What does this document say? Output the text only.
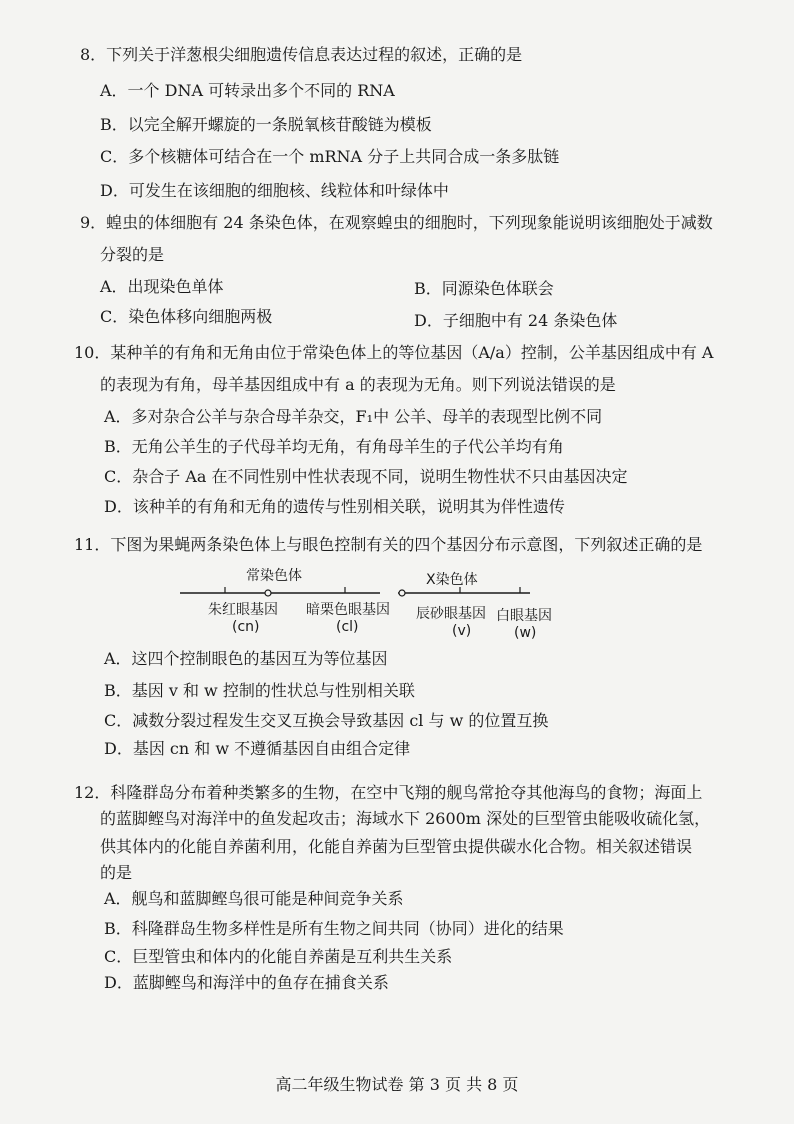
8．下列关于洋葱根尖细胞遗传信息表达过程的叙述，正确的是
A．一个 DNA 可转录出多个不同的 RNA
B．以完全解开螺旋的一条脱氧核苷酸链为模板
C．多个核糖体可结合在一个 mRNA 分子上共同合成一条多肽链
D．可发生在该细胞的细胞核、线粒体和叶绿体中
9．蝗虫的体细胞有 24 条染色体，在观察蝗虫的细胞时，下列现象能说明该细胞处于减数
分裂的是
A．出现染色单体	B．同源染色体联会
C．染色体移向细胞两极	D．子细胞中有 24 条染色体
10．某种羊的有角和无角由位于常染色体上的等位基因（A/a）控制，公羊基因组成中有 A
的表现为有角，母羊基因组成中有 a 的表现为无角。则下列说法错误的是
A．多对杂合公羊与杂合母羊杂交，F₁中 公羊、母羊的表现型比例不同
B．无角公羊生的子代母羊均无角，有角母羊生的子代公羊均有角
C．杂合子 Aa 在不同性别中性状表现不同，说明生物性状不只由基因决定
D．该种羊的有角和无角的遗传与性别相关联，说明其为伴性遗传
11．下图为果蝇两条染色体上与眼色控制有关的四个基因分布示意图，下列叙述正确的是
常染色体	X染色体
朱红眼基因
(cn)
暗栗色眼基因
(cl)
辰砂眼基因
(v)
白眼基因
(w)
A．这四个控制眼色的基因互为等位基因
B．基因 v 和 w 控制的性状总与性别相关联
C．减数分裂过程发生交叉互换会导致基因 cl 与 w 的位置互换
D．基因 cn 和 w 不遵循基因自由组合定律
12．科隆群岛分布着种类繁多的生物，在空中飞翔的舰鸟常抢夺其他海鸟的食物；海面上
的蓝脚鲣鸟对海洋中的鱼发起攻击；海域水下 2600m 深处的巨型管虫能吸收硫化氢，
供其体内的化能自养菌利用，化能自养菌为巨型管虫提供碳水化合物。相关叙述错误
的是
A．舰鸟和蓝脚鲣鸟很可能是种间竞争关系
B．科隆群岛生物多样性是所有生物之间共同（协同）进化的结果
C．巨型管虫和体内的化能自养菌是互利共生关系
D．蓝脚鲣鸟和海洋中的鱼存在捕食关系
高二年级生物试卷 第 3 页 共 8 页
